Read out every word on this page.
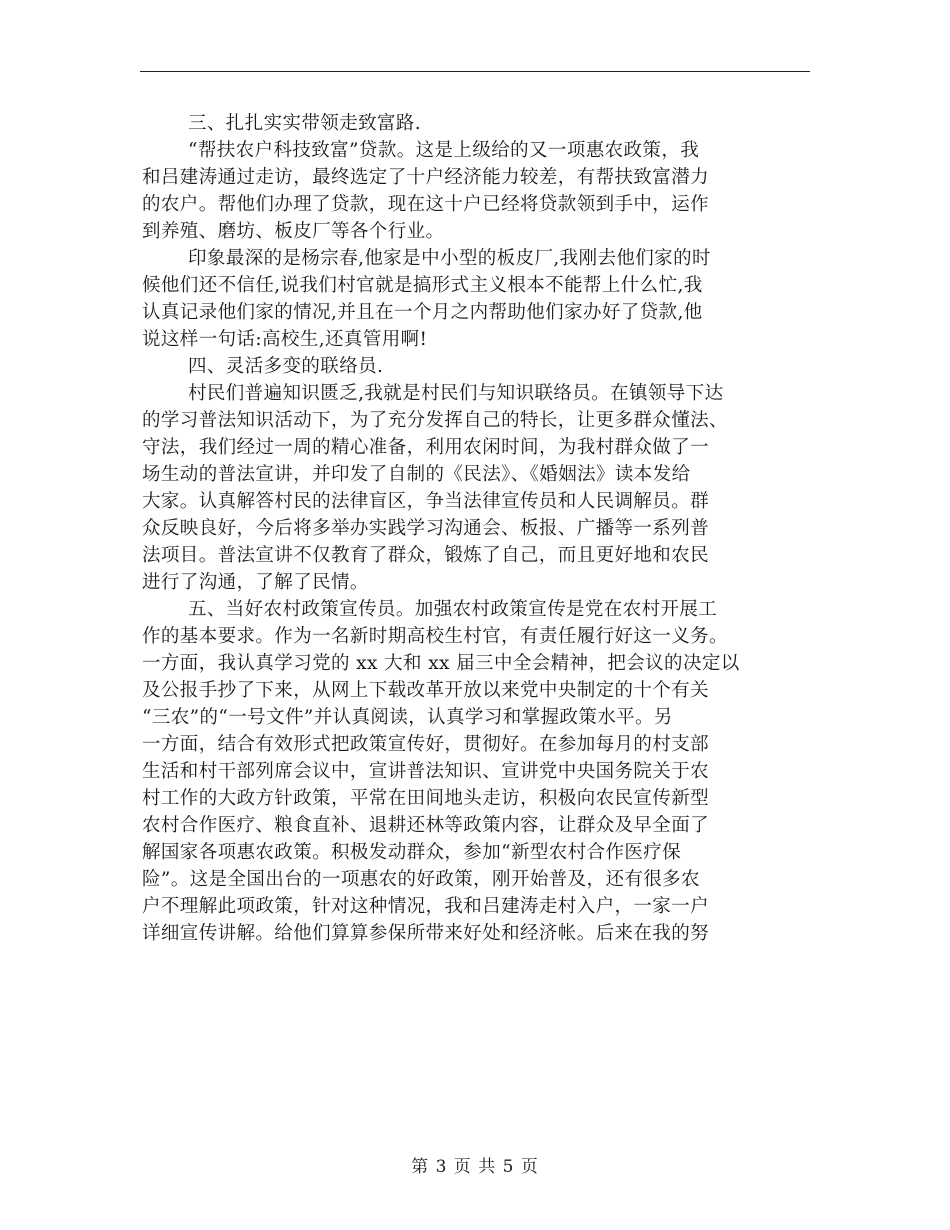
三、扎扎实实带领走致富路.
“帮扶农户科技致富”贷款。这是上级给的又一项惠农政策，我
和吕建涛通过走访，最终选定了十户经济能力较差，有帮扶致富潜力
的农户。帮他们办理了贷款，现在这十户已经将贷款领到手中，运作
到养殖、磨坊、板皮厂等各个行业。
印象最深的是杨宗春,他家是中小型的板皮厂,我刚去他们家的时
候他们还不信任,说我们村官就是搞形式主义根本不能帮上什么忙,我
认真记录他们家的情况,并且在一个月之内帮助他们家办好了贷款,他
说这样一句话:高校生,还真管用啊!
四、灵活多变的联络员.
村民们普遍知识匮乏,我就是村民们与知识联络员。在镇领导下达
的学习普法知识活动下，为了充分发挥自己的特长，让更多群众懂法、
守法，我们经过一周的精心准备，利用农闲时间，为我村群众做了一
场生动的普法宣讲，并印发了自制的《民法》、《婚姻法》读本发给
大家。认真解答村民的法律盲区，争当法律宣传员和人民调解员。群
众反映良好，今后将多举办实践学习沟通会、板报、广播等一系列普
法项目。普法宣讲不仅教育了群众，锻炼了自己，而且更好地和农民
进行了沟通，了解了民情。
五、当好农村政策宣传员。加强农村政策宣传是党在农村开展工
作的基本要求。作为一名新时期高校生村官，有责任履行好这一义务。
一方面，我认真学习党的 xx 大和 xx 届三中全会精神，把会议的决定以
及公报手抄了下来，从网上下载改革开放以来党中央制定的十个有关
“三农”的“一号文件”并认真阅读，认真学习和掌握政策水平。另
一方面，结合有效形式把政策宣传好，贯彻好。在参加每月的村支部
生活和村干部列席会议中，宣讲普法知识、宣讲党中央国务院关于农
村工作的大政方针政策，平常在田间地头走访，积极向农民宣传新型
农村合作医疗、粮食直补、退耕还林等政策内容，让群众及早全面了
解国家各项惠农政策。积极发动群众，参加“新型农村合作医疗保
险”。这是全国出台的一项惠农的好政策，刚开始普及，还有很多农
户不理解此项政策，针对这种情况，我和吕建涛走村入户，一家一户
详细宣传讲解。给他们算算参保所带来好处和经济帐。后来在我的努
第 3 页 共 5 页
